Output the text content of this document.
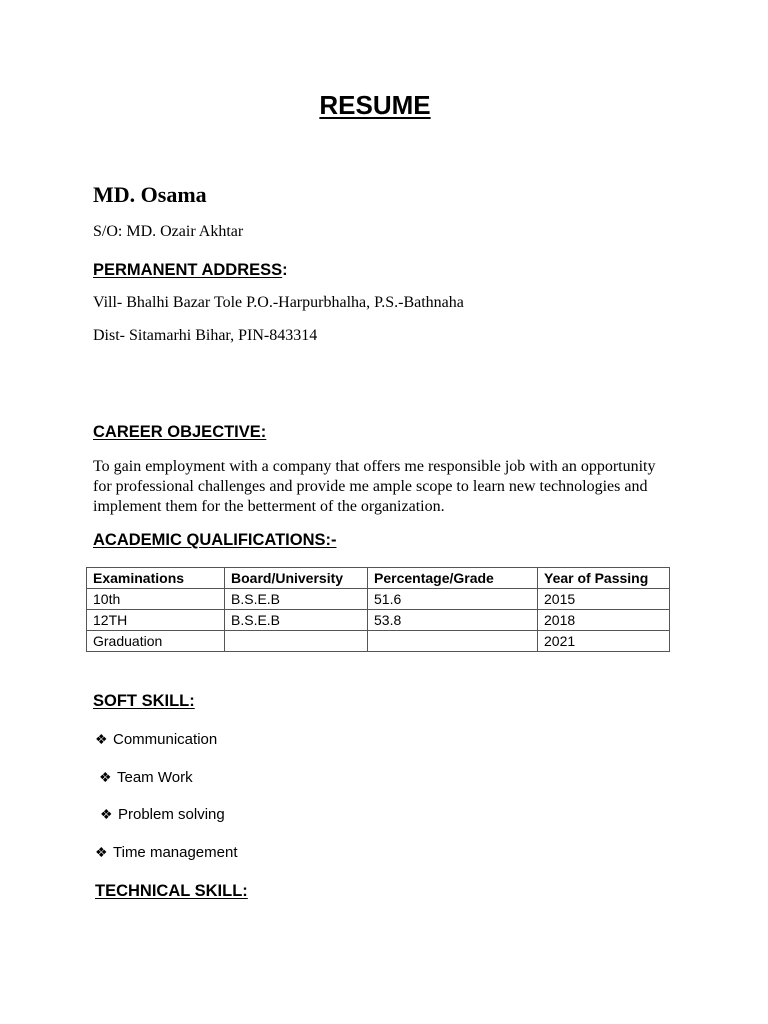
RESUME
MD. Osama
S/O: MD. Ozair Akhtar
PERMANENT ADDRESS:
Vill- Bhalhi Bazar Tole P.O.-Harpurbhalha, P.S.-Bathnaha
Dist- Sitamarhi Bihar, PIN-843314
CAREER OBJECTIVE:
To gain employment with a company that offers me responsible job with an opportunity for professional challenges and provide me ample scope to learn new technologies and implement them for the betterment of the organization.
ACADEMIC QUALIFICATIONS:-
Examinations	Board/University	Percentage/Grade	Year of Passing
10th	B.S.E.B	51.6	2015
12TH	B.S.E.B	53.8	2018
Graduation			2021
SOFT SKILL:
❖ Communication
❖ Team Work
❖ Problem solving
❖ Time management
TECHNICAL SKILL:
